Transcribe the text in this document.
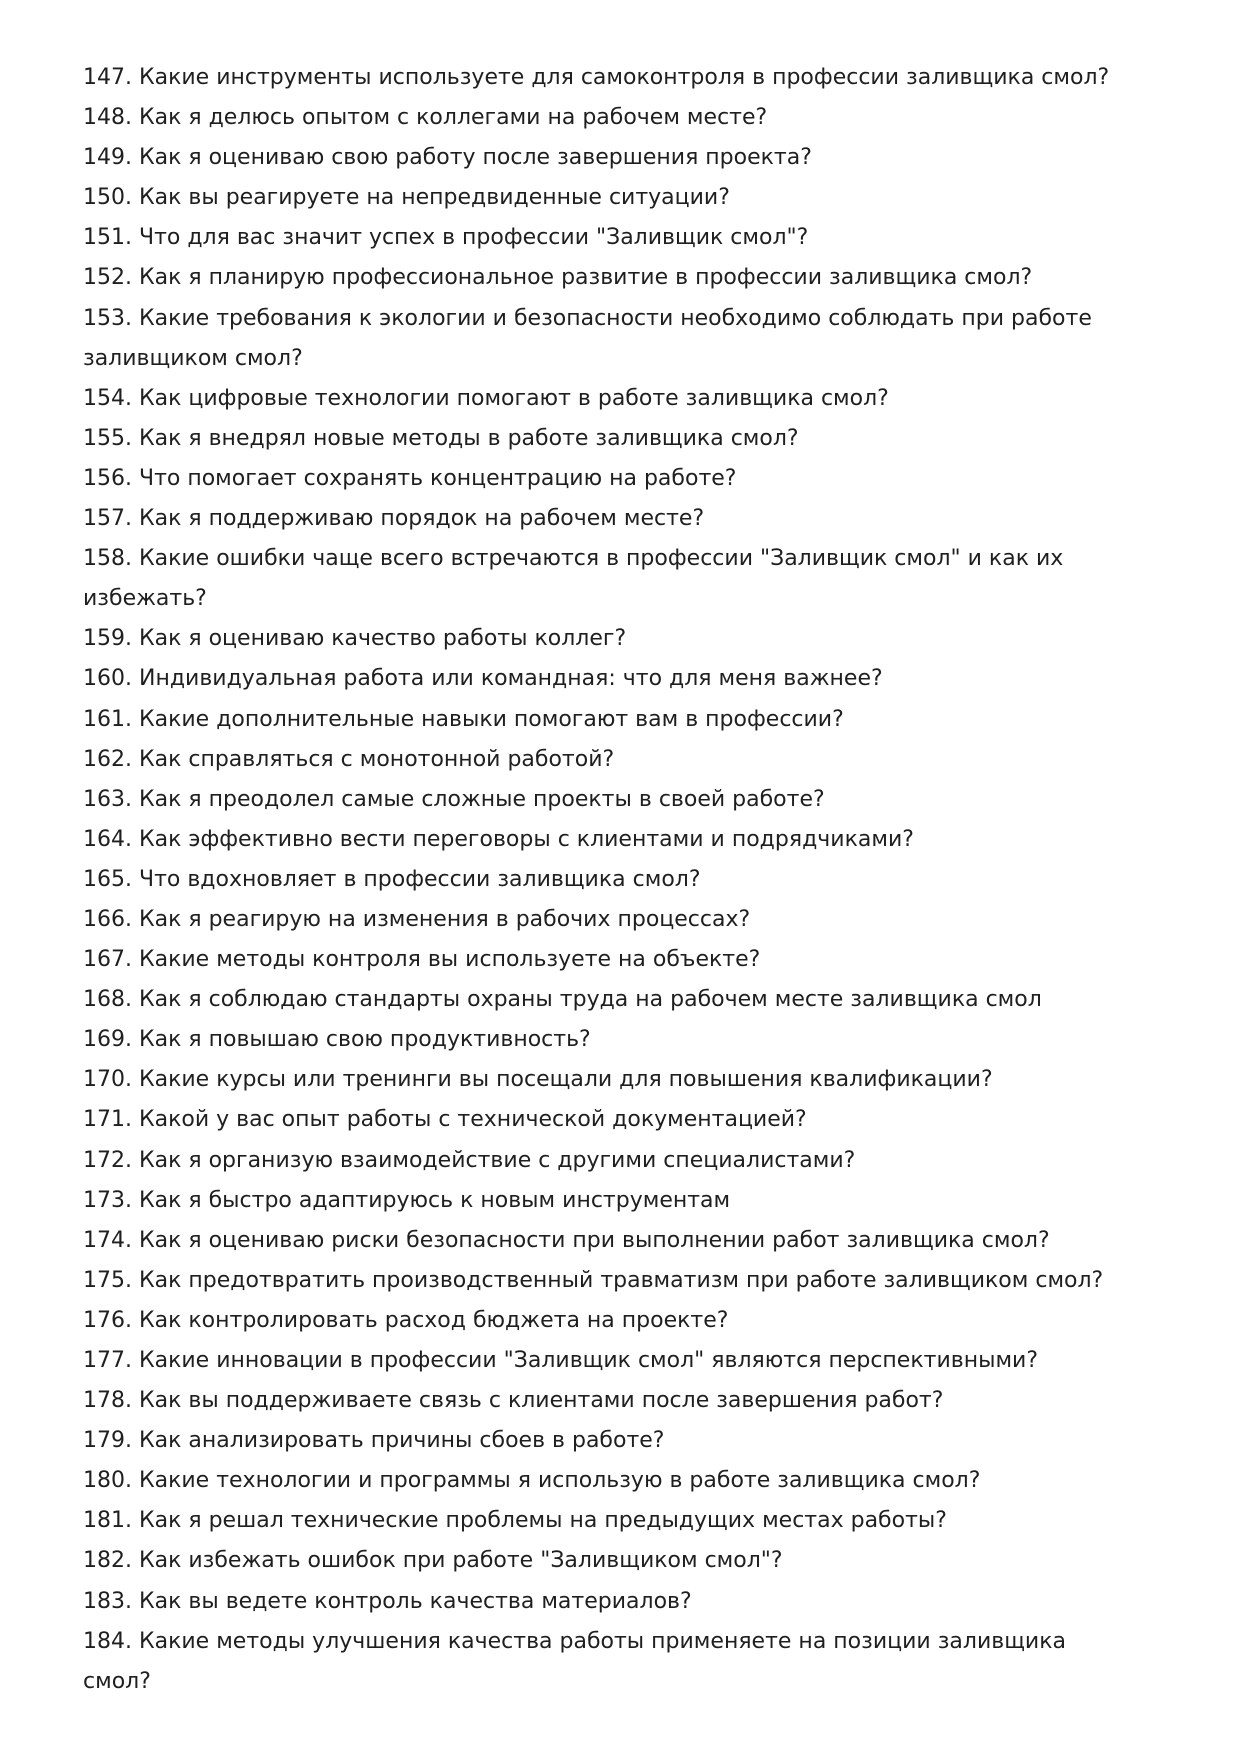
147. Какие инструменты используете для самоконтроля в профессии заливщика смол?
148. Как я делюсь опытом с коллегами на рабочем месте?
149. Как я оцениваю свою работу после завершения проекта?
150. Как вы реагируете на непредвиденные ситуации?
151. Что для вас значит успех в профессии "Заливщик смол"?
152. Как я планирую профессиональное развитие в профессии заливщика смол?
153. Какие требования к экологии и безопасности необходимо соблюдать при работе заливщиком смол?
154. Как цифровые технологии помогают в работе заливщика смол?
155. Как я внедрял новые методы в работе заливщика смол?
156. Что помогает сохранять концентрацию на работе?
157. Как я поддерживаю порядок на рабочем месте?
158. Какие ошибки чаще всего встречаются в профессии "Заливщик смол" и как их избежать?
159. Как я оцениваю качество работы коллег?
160. Индивидуальная работа или командная: что для меня важнее?
161. Какие дополнительные навыки помогают вам в профессии?
162. Как справляться с монотонной работой?
163. Как я преодолел самые сложные проекты в своей работе?
164. Как эффективно вести переговоры с клиентами и подрядчиками?
165. Что вдохновляет в профессии заливщика смол?
166. Как я реагирую на изменения в рабочих процессах?
167. Какие методы контроля вы используете на объекте?
168. Как я соблюдаю стандарты охраны труда на рабочем месте заливщика смол
169. Как я повышаю свою продуктивность?
170. Какие курсы или тренинги вы посещали для повышения квалификации?
171. Какой у вас опыт работы с технической документацией?
172. Как я организую взаимодействие с другими специалистами?
173. Как я быстро адаптируюсь к новым инструментам
174. Как я оцениваю риски безопасности при выполнении работ заливщика смол?
175. Как предотвратить производственный травматизм при работе заливщиком смол?
176. Как контролировать расход бюджета на проекте?
177. Какие инновации в профессии "Заливщик смол" являются перспективными?
178. Как вы поддерживаете связь с клиентами после завершения работ?
179. Как анализировать причины сбоев в работе?
180. Какие технологии и программы я использую в работе заливщика смол?
181. Как я решал технические проблемы на предыдущих местах работы?
182. Как избежать ошибок при работе "Заливщиком смол"?
183. Как вы ведете контроль качества материалов?
184. Какие методы улучшения качества работы применяете на позиции заливщика смол?
